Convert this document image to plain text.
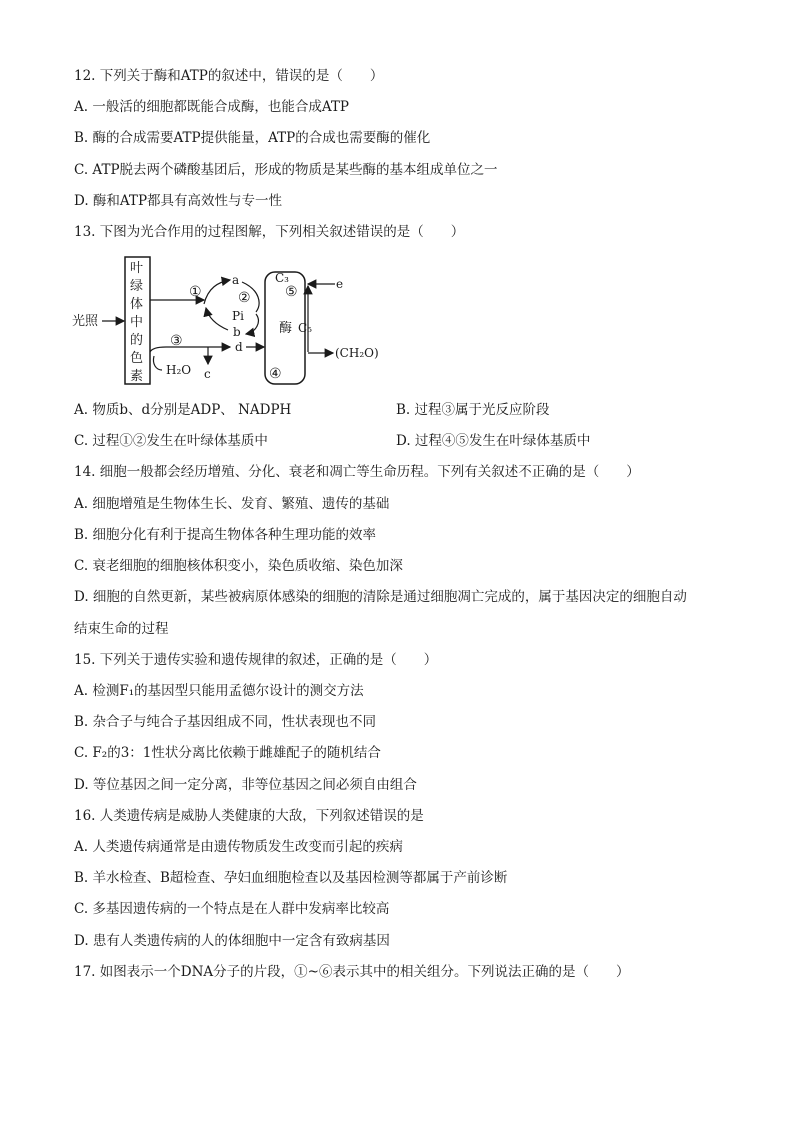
12. 下列关于酶和ATP的叙述中，错误的是（　　）
A. 一般活的细胞都既能合成酶，也能合成ATP
B. 酶的合成需要ATP提供能量，ATP的合成也需要酶的催化
C. ATP脱去两个磷酸基团后，形成的物质是某些酶的基本组成单位之一
D. 酶和ATP都具有高效性与专一性
13. 下图为光合作用的过程图解，下列相关叙述错误的是（　　）
光照
叶
绿
体
中
的
色
素
①
a
②
Pi
b
③	d
c
H₂O
C₃
⑤
酶
④
e
C₅
(CH₂O)
A. 物质b、d分别是ADP、 NADPH	B. 过程③属于光反应阶段
C. 过程①②发生在叶绿体基质中	D. 过程④⑤发生在叶绿体基质中
14. 细胞一般都会经历增殖、分化、衰老和凋亡等生命历程。下列有关叙述不正确的是（　　）
A. 细胞增殖是生物体生长、发育、繁殖、遗传的基础
B. 细胞分化有利于提高生物体各种生理功能的效率
C. 衰老细胞的细胞核体积变小，染色质收缩、染色加深
D. 细胞的自然更新，某些被病原体感染的细胞的清除是通过细胞凋亡完成的，属于基因决定的细胞自动
结束生命的过程
15. 下列关于遗传实验和遗传规律的叙述，正确的是（　　）
A. 检测F₁的基因型只能用孟德尔设计的测交方法
B. 杂合子与纯合子基因组成不同，性状表现也不同
C. F₂的3：1性状分离比依赖于雌雄配子的随机结合
D. 等位基因之间一定分离，非等位基因之间必须自由组合
16. 人类遗传病是威胁人类健康的大敌，下列叙述错误的是
A. 人类遗传病通常是由遗传物质发生改变而引起的疾病
B. 羊水检查、B超检查、孕妇血细胞检查以及基因检测等都属于产前诊断
C. 多基因遗传病的一个特点是在人群中发病率比较高
D. 患有人类遗传病的人的体细胞中一定含有致病基因
17. 如图表示一个DNA分子的片段，①~⑥表示其中的相关组分。下列说法正确的是（　　）
